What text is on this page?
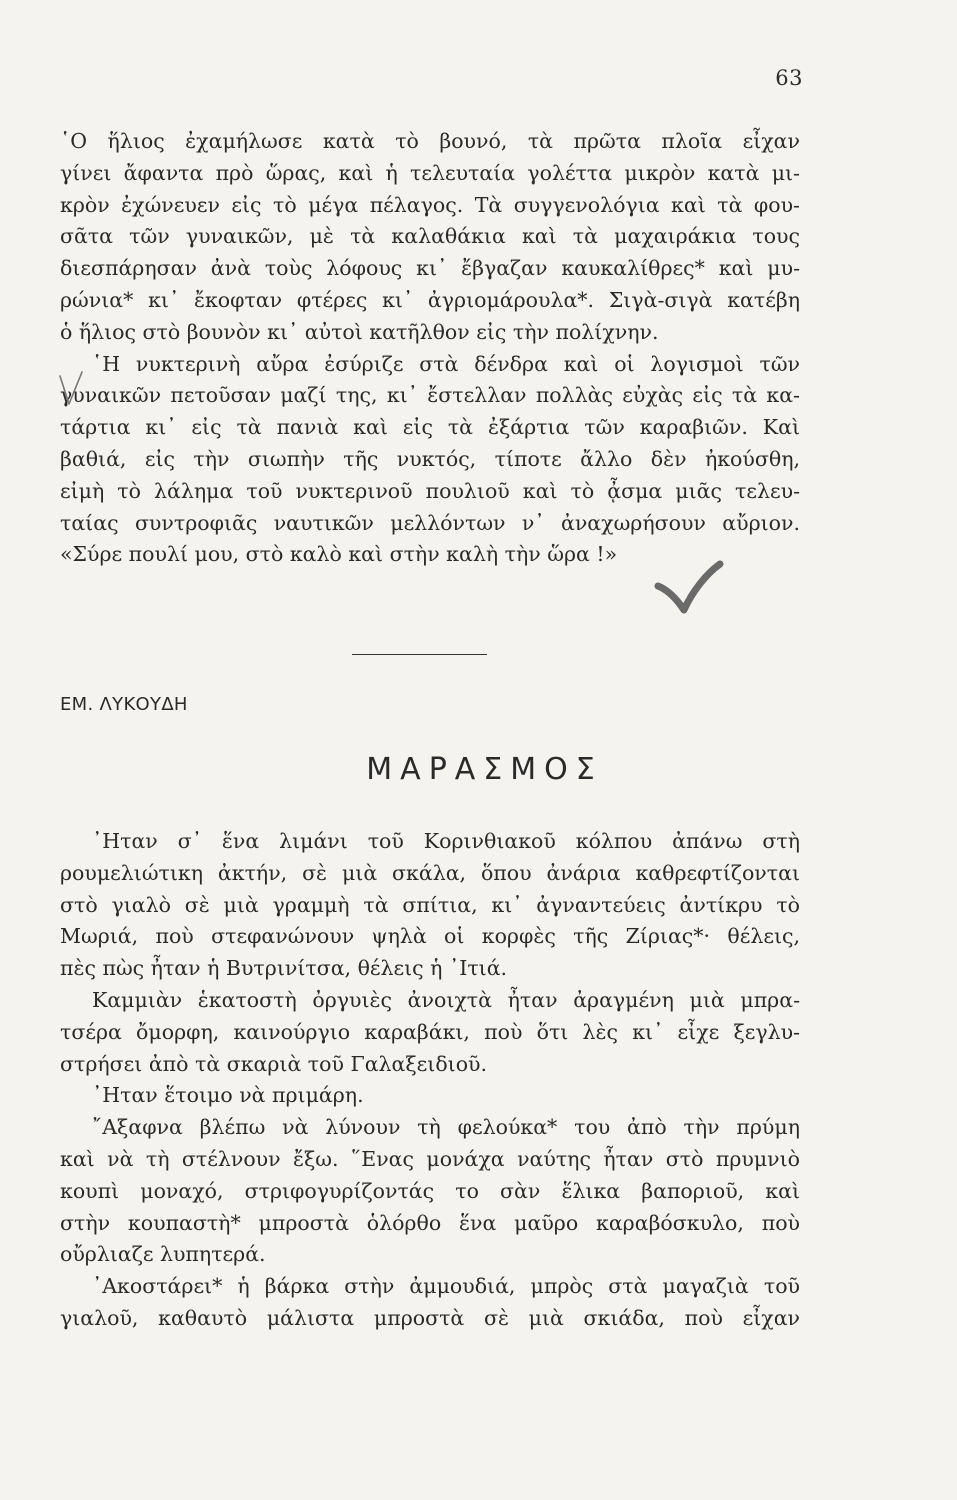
63
῾Ο ἥλιος ἐχαμήλωσε κατὰ τὸ βουνό, τὰ πρῶτα πλοῖα εἶχαν
γίνει ἄφαντα πρὸ ὥρας, καὶ ἡ τελευταία γολέττα μικρὸν κατὰ μι-
κρὸν ἐχώνευεν εἰς τὸ μέγα πέλαγος. Τὰ συγγενολόγια καὶ τὰ φου-
σᾶτα τῶν γυναικῶν, μὲ τὰ καλαθάκια καὶ τὰ μαχαιράκια τους
διεσπάρησαν ἀνὰ τοὺς λόφους κι᾽ ἔβγαζαν καυκαλίθρες* καὶ μυ-
ρώνια* κι᾽ ἔκοφταν φτέρες κι᾽ ἀγριομάρουλα*. Σιγὰ-σιγὰ κατέβη
ὁ ἥλιος στὸ βουνὸν κι᾽ αὐτοὶ κατῆλθον εἰς τὴν πολίχνην.
῾Η νυκτερινὴ αὔρα ἐσύριζε στὰ δένδρα καὶ οἱ λογισμοὶ τῶν
γυναικῶν πετοῦσαν μαζί της, κι᾽ ἔστελλαν πολλὰς εὐχὰς εἰς τὰ κα-
τάρτια κι᾽ εἰς τὰ πανιὰ καὶ εἰς τὰ ἐξάρτια τῶν καραβιῶν. Καὶ
βαθιά, εἰς τὴν σιωπὴν τῆς νυκτός, τίποτε ἄλλο δὲν ἠκούσθη,
εἰμὴ τὸ λάλημα τοῦ νυκτερινοῦ πουλιοῦ καὶ τὸ ᾆσμα μιᾶς τελευ-
ταίας συντροφιᾶς ναυτικῶν μελλόντων ν᾽ ἀναχωρήσουν αὔριον.
«Σύρε πουλί μου, στὸ καλὸ καὶ στὴν καλὴ τὴν ὥρα !»
ΕΜ. ΛΥΚΟΥΔΗ
ΜΑΡΑΣΜΟΣ
᾽Ηταν σ᾽ ἕνα λιμάνι τοῦ Κορινθιακοῦ κόλπου ἀπάνω στὴ
ρουμελιώτικη ἀκτήν, σὲ μιὰ σκάλα, ὅπου ἀνάρια καθρεφτίζονται
στὸ γιαλὸ σὲ μιὰ γραμμὴ τὰ σπίτια, κι᾽ ἀγναντεύεις ἀντίκρυ τὸ
Μωριά, ποὺ στεφανώνουν ψηλὰ οἱ κορφὲς τῆς Ζίριας*· θέλεις,
πὲς πὼς ἦταν ἡ Βυτρινίτσα, θέλεις ἡ ᾽Ιτιά.
Καμμιὰν ἑκατοστὴ ὀργυιὲς ἀνοιχτὰ ἦταν ἀραγμένη μιὰ μπρα-
τσέρα ὄμορφη, καινούργιο καραβάκι, ποὺ ὅτι λὲς κι᾽ εἶχε ξεγλυ-
στρήσει ἀπὸ τὰ σκαριὰ τοῦ Γαλαξειδιοῦ.
᾽Ηταν ἕτοιμο νὰ πριμάρη.
῎Αξαφνα βλέπω νὰ λύνουν τὴ φελούκα* του ἀπὸ τὴν πρύμη
καὶ νὰ τὴ στέλνουν ἔξω. ῞Ενας μονάχα ναύτης ἦταν στὸ πρυμνιὸ
κουπὶ μοναχό, στριφογυρίζοντάς το σὰν ἕλικα βαποριοῦ, καὶ
στὴν κουπαστὴ* μπροστὰ ὁλόρθο ἕνα μαῦρο καραβόσκυλο, ποὺ
οὔρλιαζε λυπητερά.
᾽Ακοστάρει* ἡ βάρκα στὴν ἀμμουδιά, μπρὸς στὰ μαγαζιὰ τοῦ
γιαλοῦ, καθαυτὸ μάλιστα μπροστὰ σὲ μιὰ σκιάδα, ποὺ εἶχαν
